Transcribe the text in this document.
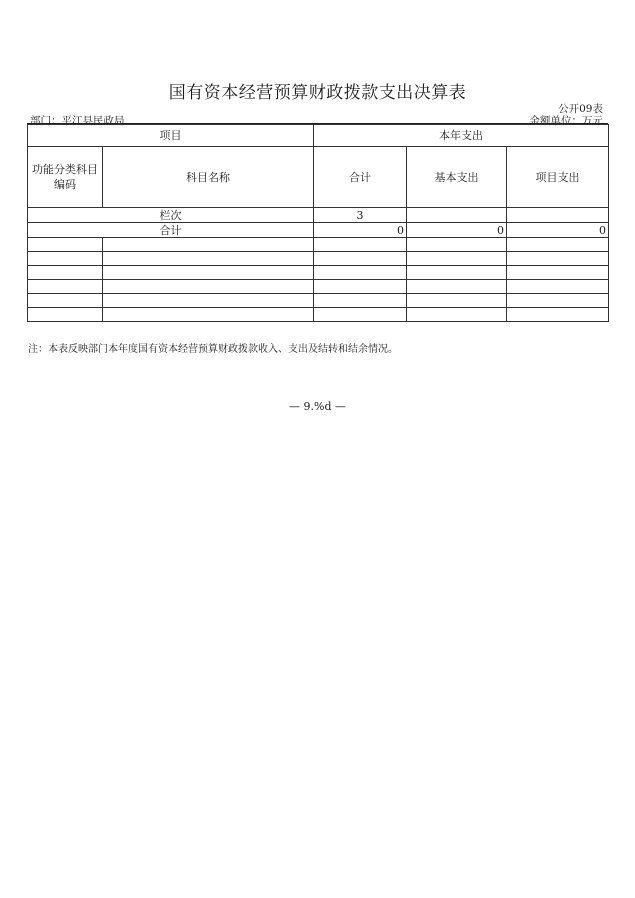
国有资本经营预算财政拨款支出决算表
公开09表
部门：平江县民政局	金额单位：万元
项目		本年支出		
功能分类科目编码	科目名称	合计	基本支出	项目支出
栏次		3		
合计		0	0	0

注：本表反映部门本年度国有资本经营预算财政拨款收入、支出及结转和结余情况。
— 9.%d —
